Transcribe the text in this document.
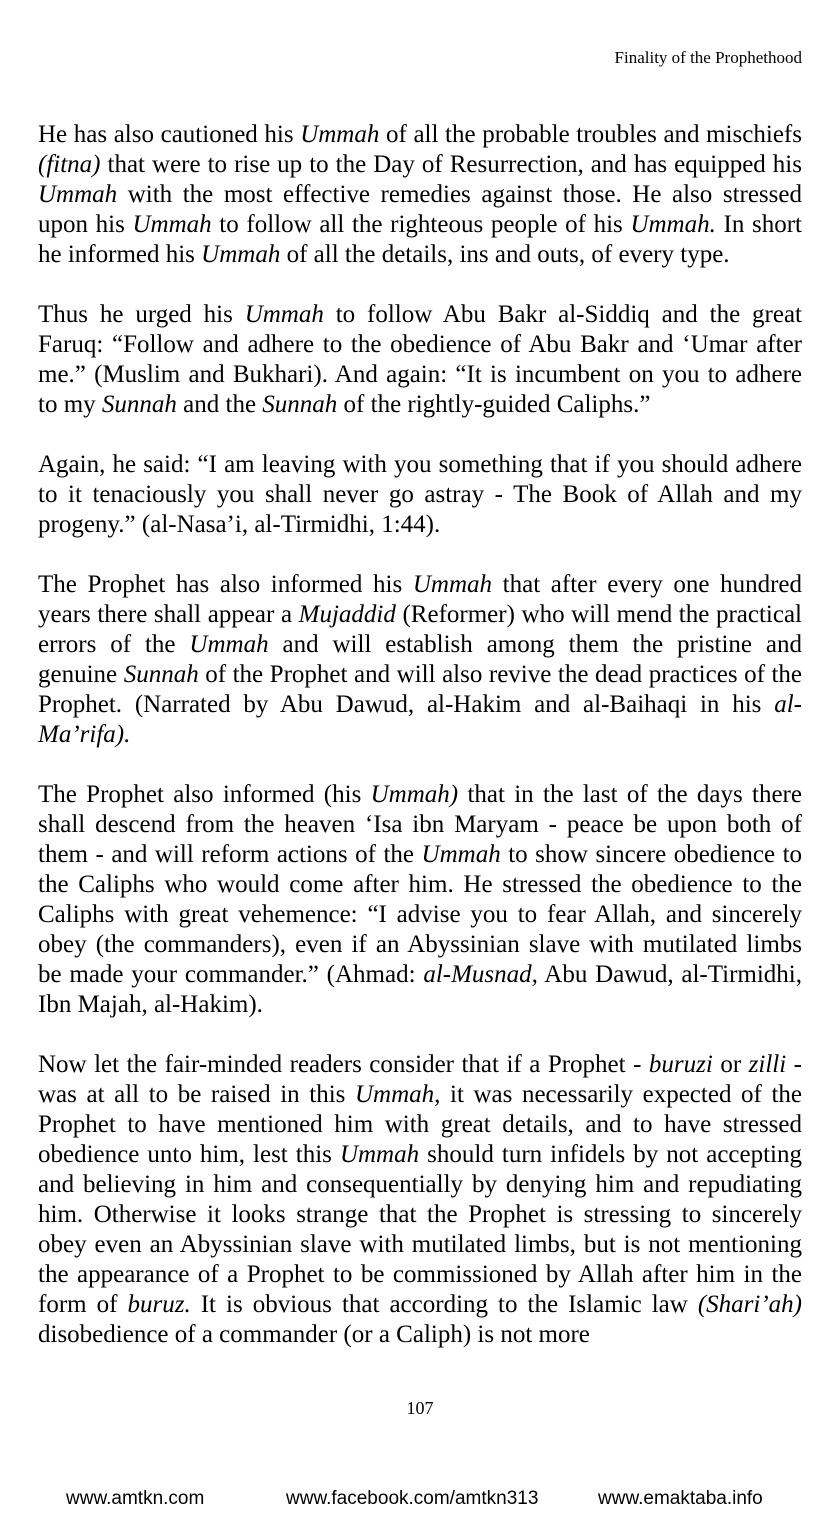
Finality of the Prophethood

He has also cautioned his Ummah of all the probable troubles and mischiefs (fitna) that were to rise up to the Day of Resurrection, and has equipped his Ummah with the most effective remedies against those. He also stressed upon his Ummah to follow all the righteous people of his Ummah. In short he informed his Ummah of all the details, ins and outs, of every type.

Thus he urged his Ummah to follow Abu Bakr al-Siddiq and the great Faruq: “Follow and adhere to the obedience of Abu Bakr and ‘Umar after me.” (Muslim and Bukhari). And again: “It is incumbent on you to adhere to my Sunnah and the Sunnah of the rightly-guided Caliphs.”

Again, he said: “I am leaving with you something that if you should adhere to it tenaciously you shall never go astray - The Book of Allah and my progeny.” (al-Nasa’i, al-Tirmidhi, 1:44).

The Prophet has also informed his Ummah that after every one hundred years there shall appear a Mujaddid (Reformer) who will mend the practical errors of the Ummah and will establish among them the pristine and genuine Sunnah of the Prophet and will also revive the dead practices of the Prophet. (Narrated by Abu Dawud, al-Hakim and al-Baihaqi in his al-Ma’rifa).

The Prophet also informed (his Ummah) that in the last of the days there shall descend from the heaven ‘Isa ibn Maryam - peace be upon both of them - and will reform actions of the Ummah to show sincere obedience to the Caliphs who would come after him. He stressed the obedience to the Caliphs with great vehemence: “I advise you to fear Allah, and sincerely obey (the commanders), even if an Abyssinian slave with mutilated limbs be made your commander.” (Ahmad: al-Musnad, Abu Dawud, al-Tirmidhi, Ibn Majah, al-Hakim).

Now let the fair-minded readers consider that if a Prophet - buruzi or zilli - was at all to be raised in this Ummah, it was necessarily expected of the Prophet to have mentioned him with great details, and to have stressed obedience unto him, lest this Ummah should turn infidels by not accepting and believing in him and consequentially by denying him and repudiating him. Otherwise it looks strange that the Prophet is stressing to sincerely obey even an Abyssinian slave with mutilated limbs, but is not mentioning the appearance of a Prophet to be commissioned by Allah after him in the form of buruz. It is obvious that according to the Islamic law (Shari’ah) disobedience of a commander (or a Caliph) is not more

107
www.amtkn.com	www.facebook.com/amtkn313	www.emaktaba.info
